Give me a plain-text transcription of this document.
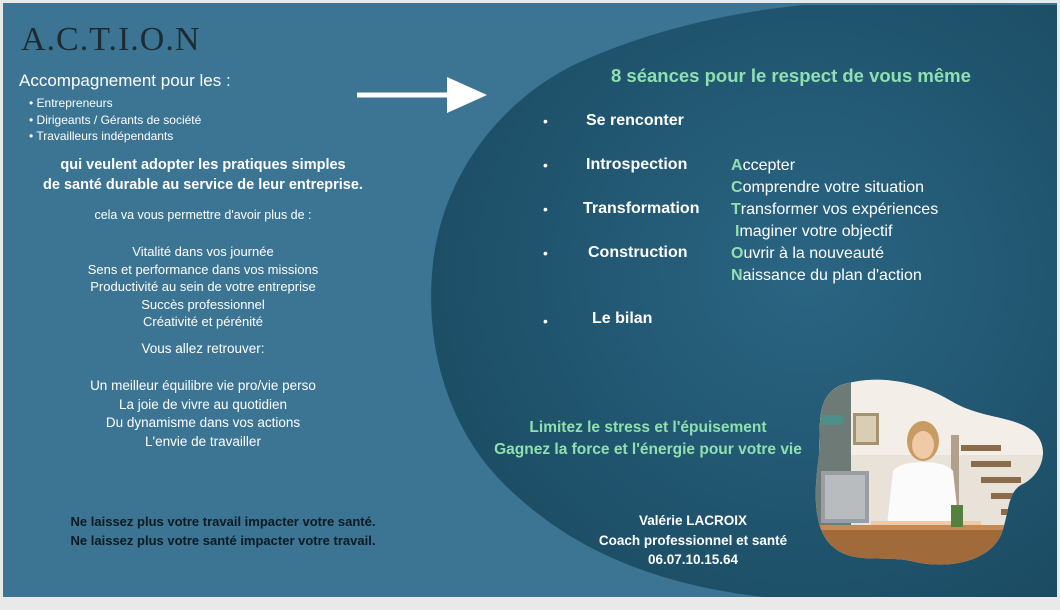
A.C.T.I.O.N
Accompagnement pour les :
• Entrepreneurs
• Dirigeants / Gérants de société
• Travailleurs indépendants
qui veulent adopter les pratiques simples
de santé durable au service de leur entreprise.
cela va vous permettre d'avoir plus de :
Vitalité dans vos journée
Sens et performance dans vos missions
Productivité au sein de votre entreprise
Succès professionnel
Créativité et pérénité
Vous allez retrouver:
Un meilleur équilibre vie pro/vie perso
La joie de vivre au quotidien
Du dynamisme dans vos actions
L'envie de travailler
Ne laissez plus votre travail impacter votre santé.
Ne laissez plus votre santé impacter votre travail.
8 séances pour le respect de vous même
• Se renconter
• Introspection
• Transformation
•	Construction
•	Le bilan
Accepter
Comprendre votre situation
Transformer vos expériences
Imaginer votre objectif
Ouvrir à la nouveauté
Naissance du plan d'action
Limitez le stress et l'épuisement
Gagnez la force et l'énergie pour votre vie
Valérie LACROIX
Coach professionnel et santé
06.07.10.15.64
